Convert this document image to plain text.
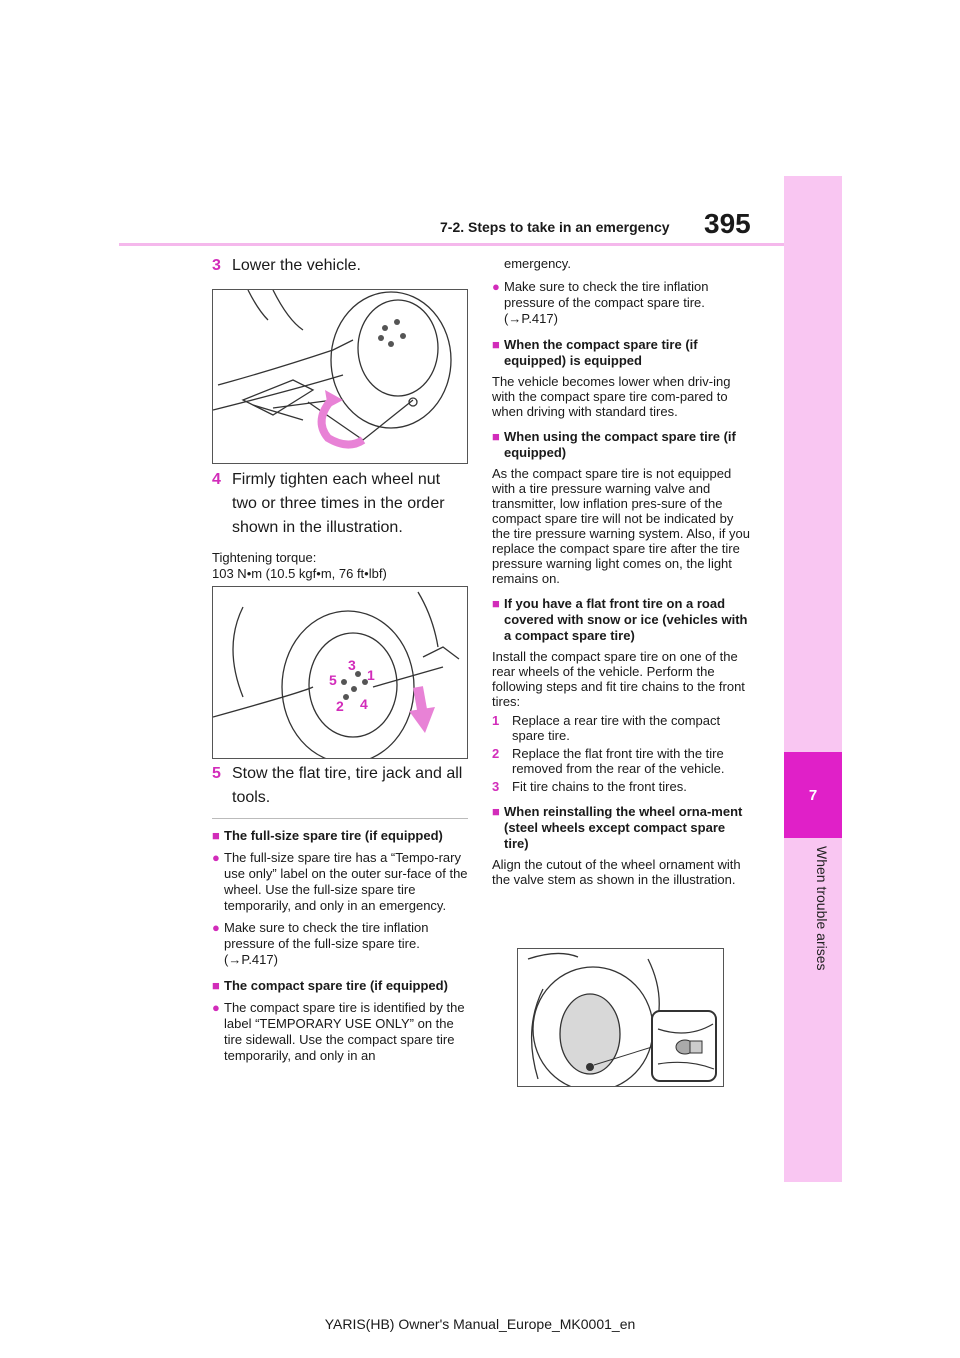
7
When trouble arises
7-2. Steps to take in an emergency 395
3 Lower the vehicle.
4 Firmly tighten each wheel nut two or three times in the order shown in the illustration.
Tightening torque:
103 N•m (10.5 kgf•m, 76 ft•lbf)
3
1
5
2 4
5 Stow the flat tire, tire jack and all tools.
■ The full-size spare tire (if equipped)
● The full-size spare tire has a “Tempo-rary use only” label on the outer sur-face of the wheel. Use the full-size spare tire temporarily, and only in an emergency.
● Make sure to check the tire inflation pressure of the full-size spare tire. (→P.417)
■ The compact spare tire (if equipped)
● The compact spare tire is identified by the label “TEMPORARY USE ONLY” on the tire sidewall. Use the compact spare tire temporarily, and only in an
emergency.
● Make sure to check the tire inflation pressure of the compact spare tire. (→P.417)
■ When the compact spare tire (if equipped) is equipped
The vehicle becomes lower when driv-ing with the compact spare tire com-pared to when driving with standard tires.
■ When using the compact spare tire (if equipped)
As the compact spare tire is not equipped with a tire pressure warning valve and transmitter, low inflation pres-sure of the compact spare tire will not be indicated by the tire pressure warning system. Also, if you replace the compact spare tire after the tire pressure warning light comes on, the light remains on.
■ If you have a flat front tire on a road covered with snow or ice (vehicles with a compact spare tire)
Install the compact spare tire on one of the rear wheels of the vehicle. Perform the following steps and fit tire chains to the front tires:
1 Replace a rear tire with the compact spare tire.
2 Replace the flat front tire with the tire removed from the rear of the vehicle.
3 Fit tire chains to the front tires.
■ When reinstalling the wheel orna-ment (steel wheels except compact spare tire)
Align the cutout of the wheel ornament with the valve stem as shown in the illustration.
YARIS(HB) Owner's Manual_Europe_MK0001_en
